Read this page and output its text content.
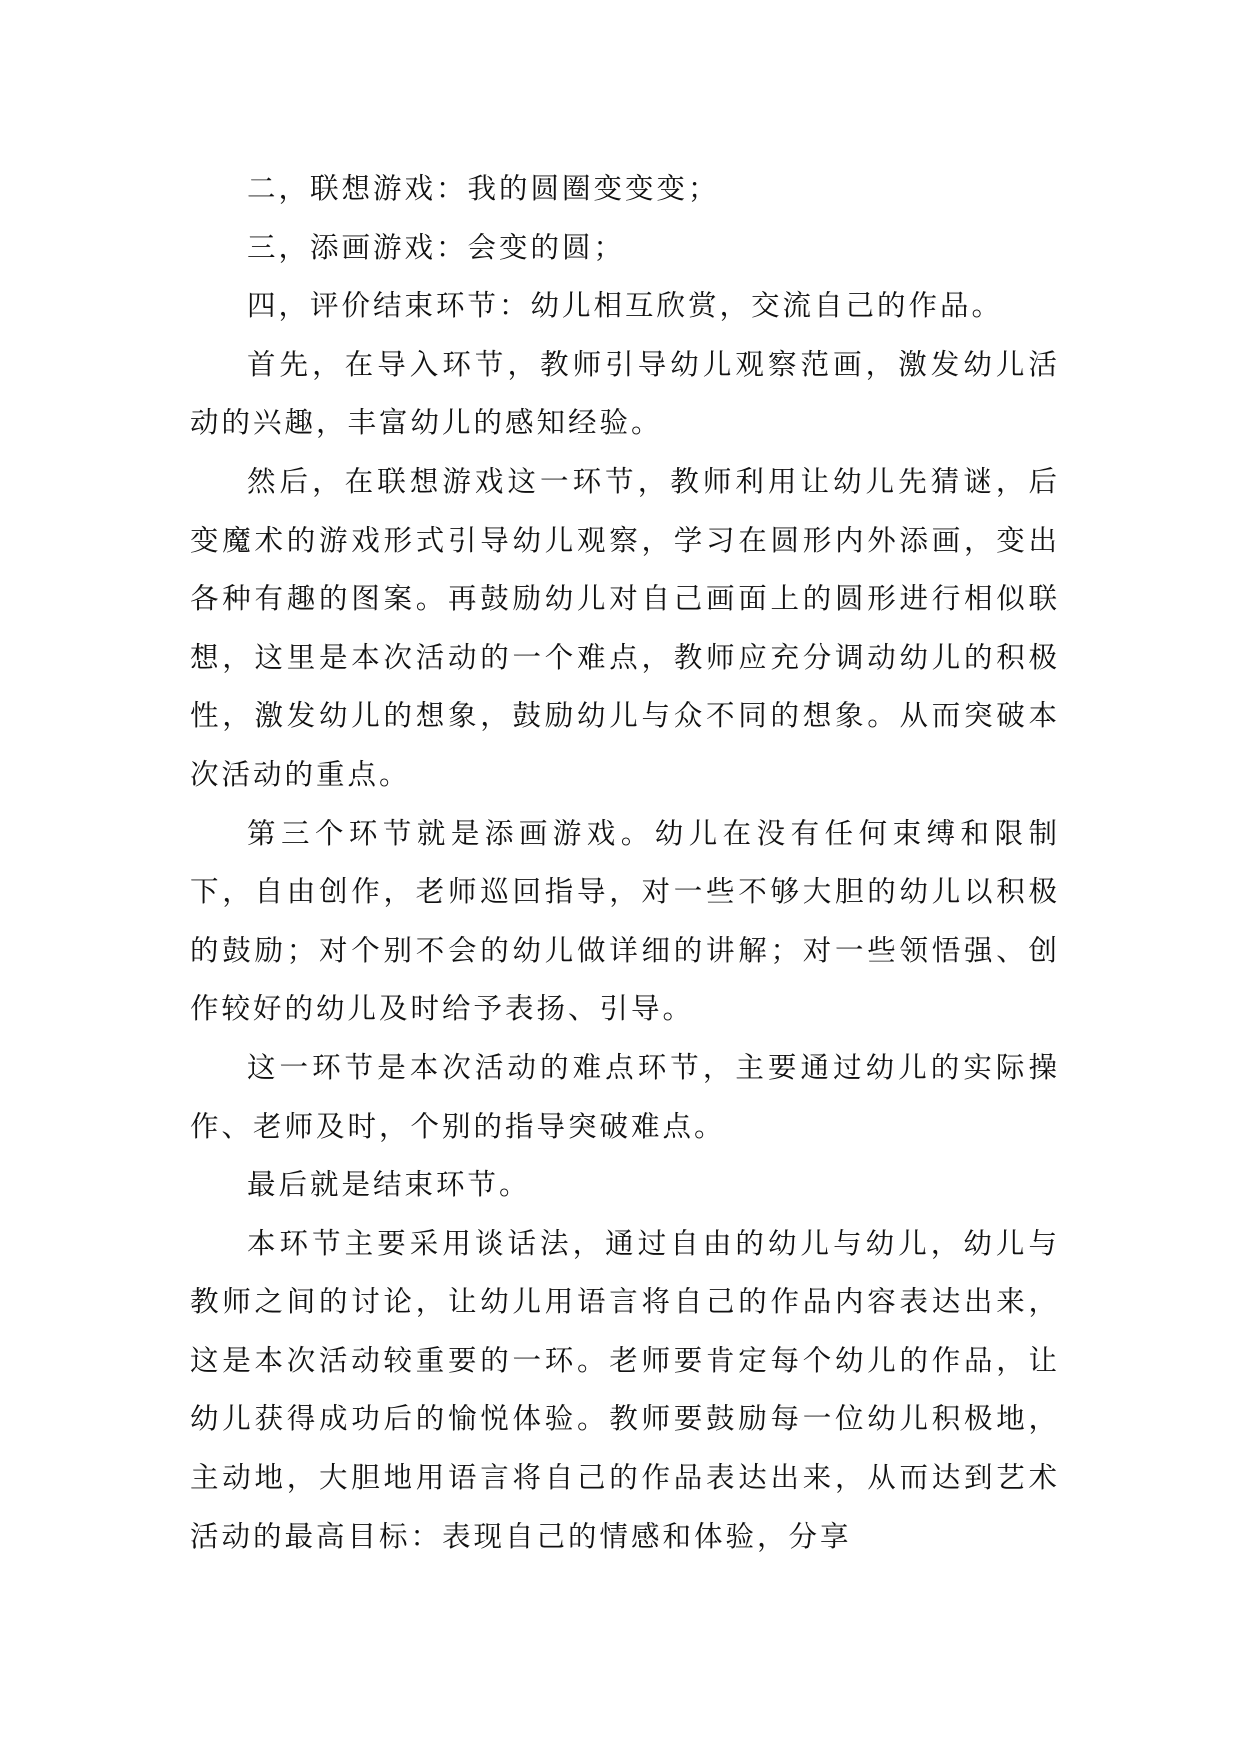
二，联想游戏：我的圆圈变变变；

三，添画游戏：会变的圆；

四，评价结束环节：幼儿相互欣赏，交流自己的作品。

首先，在导入环节，教师引导幼儿观察范画，激发幼儿活动的兴趣，丰富幼儿的感知经验。

然后，在联想游戏这一环节，教师利用让幼儿先猜谜，后变魔术的游戏形式引导幼儿观察，学习在圆形内外添画，变出各种有趣的图案。再鼓励幼儿对自己画面上的圆形进行相似联想，这里是本次活动的一个难点，教师应充分调动幼儿的积极性，激发幼儿的想象，鼓励幼儿与众不同的想象。从而突破本次活动的重点。

第三个环节就是添画游戏。幼儿在没有任何束缚和限制下，自由创作，老师巡回指导，对一些不够大胆的幼儿以积极的鼓励；对个别不会的幼儿做详细的讲解；对一些领悟强、创作较好的幼儿及时给予表扬、引导。

这一环节是本次活动的难点环节，主要通过幼儿的实际操作、老师及时，个别的指导突破难点。

最后就是结束环节。

本环节主要采用谈话法，通过自由的幼儿与幼儿，幼儿与教师之间的讨论，让幼儿用语言将自己的作品内容表达出来，这是本次活动较重要的一环。老师要肯定每个幼儿的作品，让幼儿获得成功后的愉悦体验。教师要鼓励每一位幼儿积极地，主动地，大胆地用语言将自己的作品表达出来，从而达到艺术活动的最高目标：表现自己的情感和体验，分享
